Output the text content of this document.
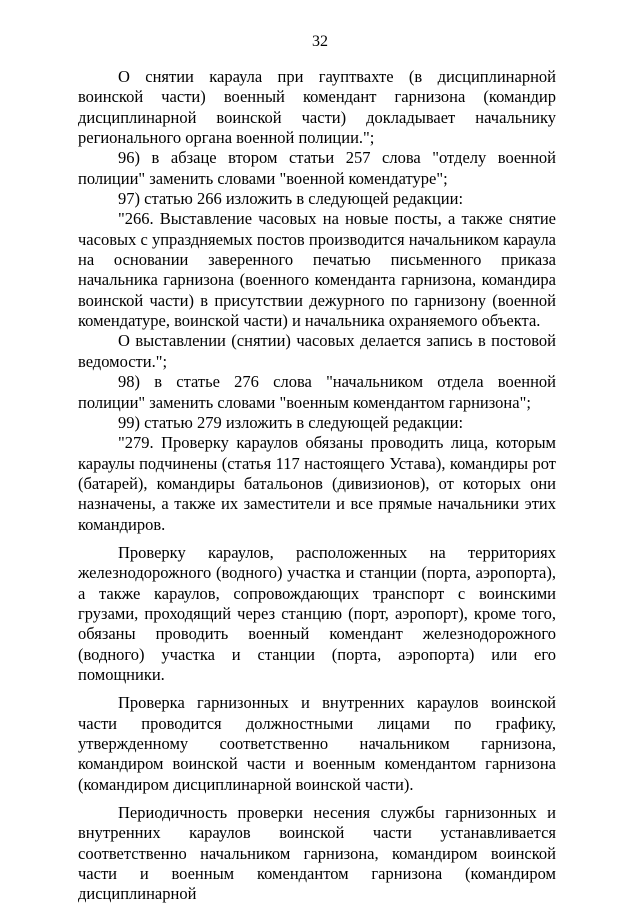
32

О снятии караула при гауптвахте (в дисциплинарной воинской части) военный комендант гарнизона (командир дисциплинарной воинской части) докладывает начальнику регионального органа военной полиции.";

96) в абзаце втором статьи 257 слова "отделу военной полиции" заменить словами "военной комендатуре";

97) статью 266 изложить в следующей редакции:

"266. Выставление часовых на новые посты, а также снятие часовых с упраздняемых постов производится начальником караула на основании заверенного печатью письменного приказа начальника гарнизона (военного коменданта гарнизона, командира воинской части) в присутствии дежурного по гарнизону (военной комендатуре, воинской части) и начальника охраняемого объекта.

О выставлении (снятии) часовых делается запись в постовой ведомости.";

98) в статье 276 слова "начальником отдела военной полиции" заменить словами "военным комендантом гарнизона";

99) статью 279 изложить в следующей редакции:

"279. Проверку караулов обязаны проводить лица, которым караулы подчинены (статья 117 настоящего Устава), командиры рот (батарей), командиры батальонов (дивизионов), от которых они назначены, а также их заместители и все прямые начальники этих командиров.

Проверку караулов, расположенных на территориях железнодорожного (водного) участка и станции (порта, аэропорта), а также караулов, сопровождающих транспорт с воинскими грузами, проходящий через станцию (порт, аэропорт), кроме того, обязаны проводить военный комендант железнодорожного (водного) участка и станции (порта, аэропорта) или его помощники.

Проверка гарнизонных и внутренних караулов воинской части проводится должностными лицами по графику, утвержденному соответственно начальником гарнизона, командиром воинской части и военным комендантом гарнизона (командиром дисциплинарной воинской части).

Периодичность проверки несения службы гарнизонных и внутренних караулов воинской части устанавливается соответственно начальником гарнизона, командиром воинской части и военным комендантом гарнизона (командиром дисциплинарной
